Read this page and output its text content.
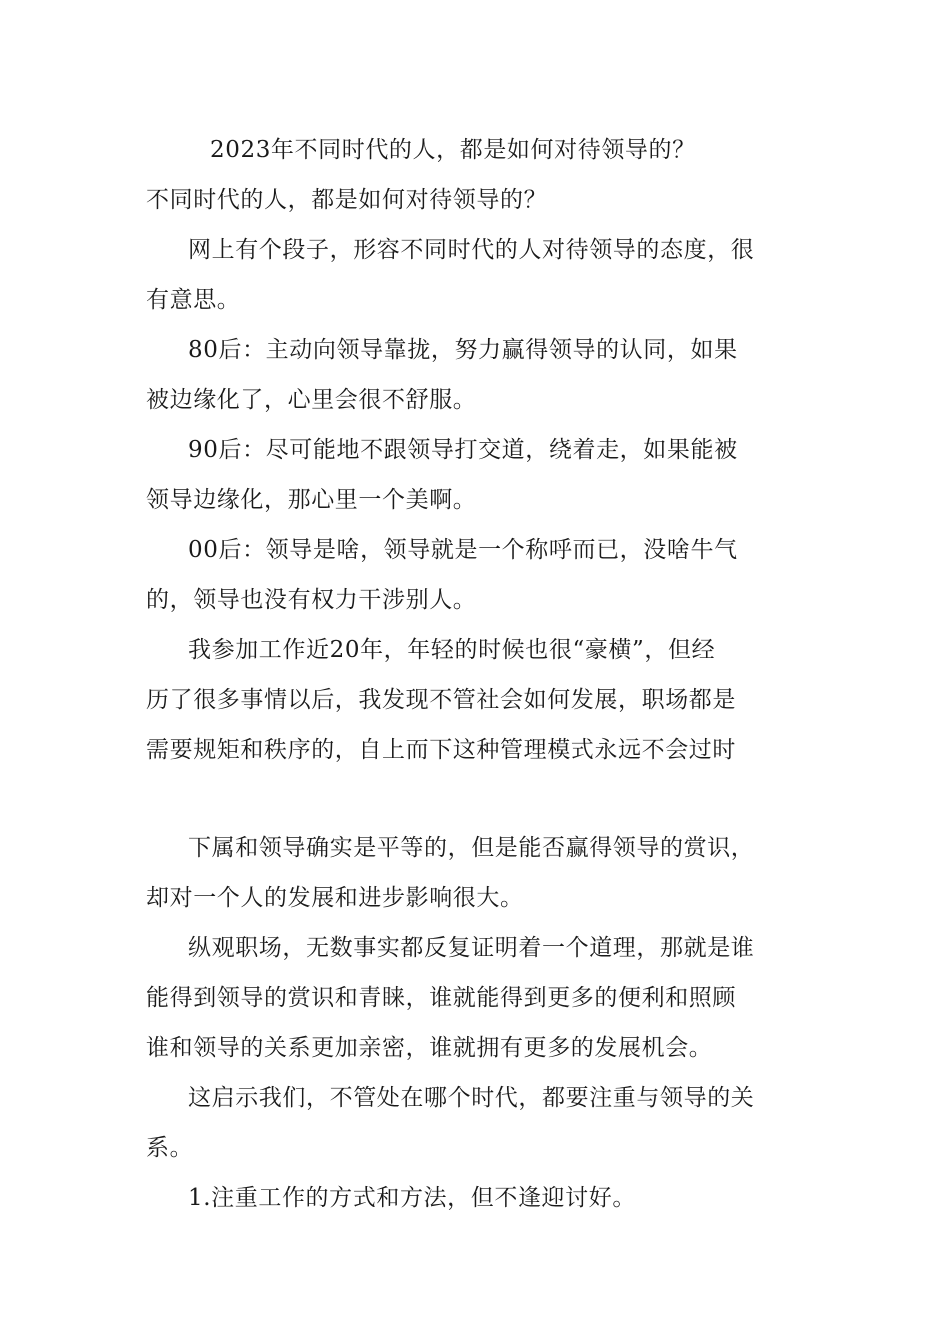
2023年不同时代的人，都是如何对待领导的？
不同时代的人，都是如何对待领导的？
网上有个段子，形容不同时代的人对待领导的态度，很
有意思。
80后：主动向领导靠拢，努力赢得领导的认同，如果
被边缘化了，心里会很不舒服。
90后：尽可能地不跟领导打交道，绕着走，如果能被
领导边缘化，那心里一个美啊。
00后：领导是啥，领导就是一个称呼而已，没啥牛气
的，领导也没有权力干涉别人。
我参加工作近20年，年轻的时候也很“豪横”，但经
历了很多事情以后，我发现不管社会如何发展，职场都是
需要规矩和秩序的，自上而下这种管理模式永远不会过时
下属和领导确实是平等的，但是能否赢得领导的赏识，
却对一个人的发展和进步影响很大。
纵观职场，无数事实都反复证明着一个道理，那就是谁
能得到领导的赏识和青睐，谁就能得到更多的便利和照顾
谁和领导的关系更加亲密，谁就拥有更多的发展机会。
这启示我们，不管处在哪个时代，都要注重与领导的关
系。
1.注重工作的方式和方法，但不逢迎讨好。
